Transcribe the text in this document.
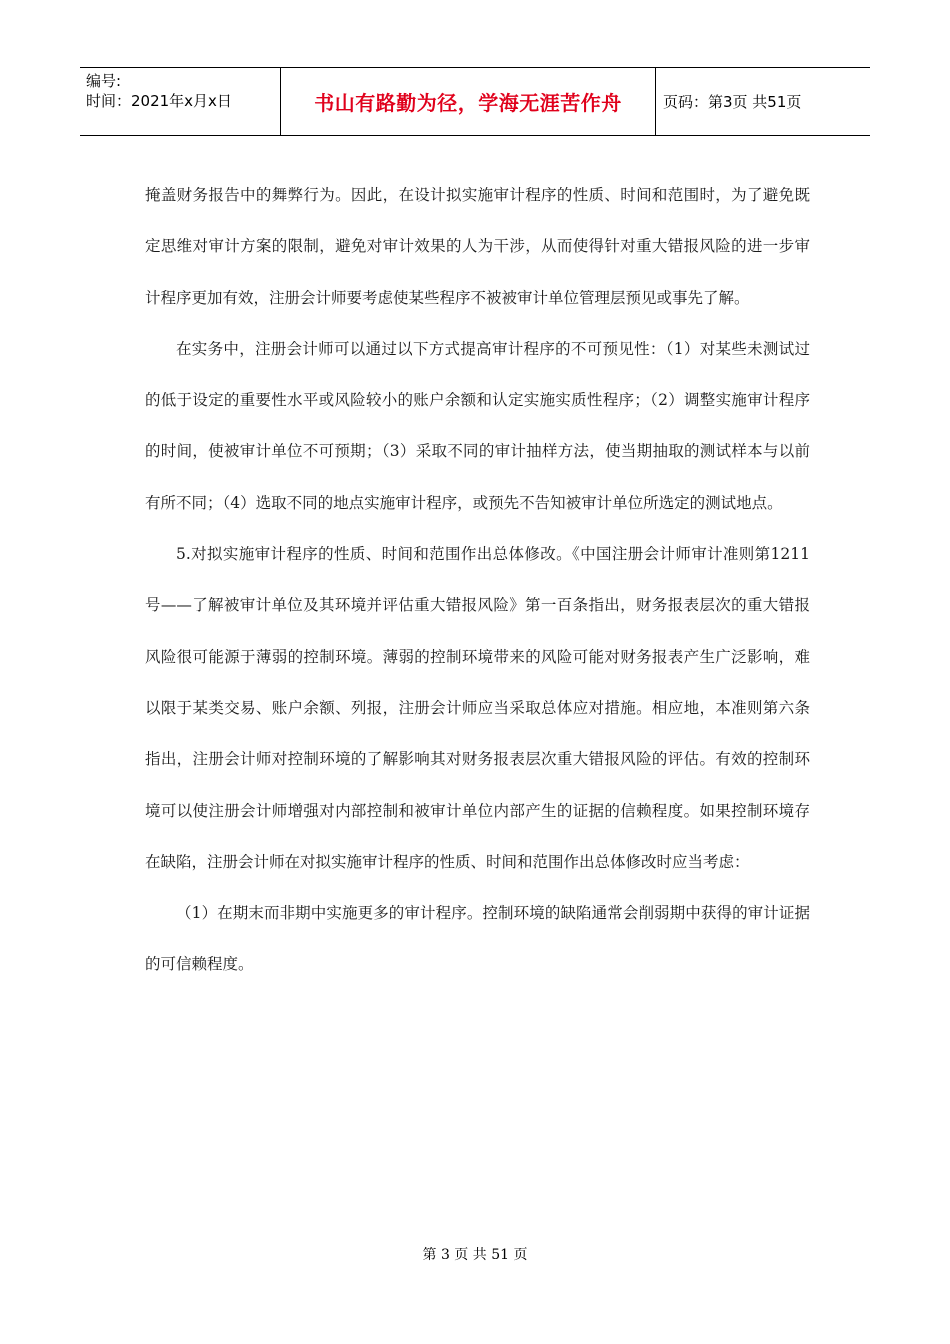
编号:
时间：2021年x月x日	书山有路勤为径，学海无涯苦作舟	页码：第3页 共51页

掩盖财务报告中的舞弊行为。因此，在设计拟实施审计程序的性质、时间和范围时，为了避免既定思维对审计方案的限制，避免对审计效果的人为干涉，从而使得针对重大错报风险的进一步审计程序更加有效，注册会计师要考虑使某些程序不被被审计单位管理层预见或事先了解。

在实务中，注册会计师可以通过以下方式提高审计程序的不可预见性：（1）对某些未测试过的低于设定的重要性水平或风险较小的账户余额和认定实施实质性程序；（2）调整实施审计程序的时间，使被审计单位不可预期；（3）采取不同的审计抽样方法，使当期抽取的测试样本与以前有所不同；（4）选取不同的地点实施审计程序，或预先不告知被审计单位所选定的测试地点。

5.对拟实施审计程序的性质、时间和范围作出总体修改。《中国注册会计师审计准则第1211号——了解被审计单位及其环境并评估重大错报风险》第一百条指出，财务报表层次的重大错报风险很可能源于薄弱的控制环境。薄弱的控制环境带来的风险可能对财务报表产生广泛影响，难以限于某类交易、账户余额、列报，注册会计师应当采取总体应对措施。相应地，本准则第六条指出，注册会计师对控制环境的了解影响其对财务报表层次重大错报风险的评估。有效的控制环境可以使注册会计师增强对内部控制和被审计单位内部产生的证据的信赖程度。如果控制环境存在缺陷，注册会计师在对拟实施审计程序的性质、时间和范围作出总体修改时应当考虑：

（1）在期末而非期中实施更多的审计程序。控制环境的缺陷通常会削弱期中获得的审计证据的可信赖程度。

第 3 页 共 51 页
